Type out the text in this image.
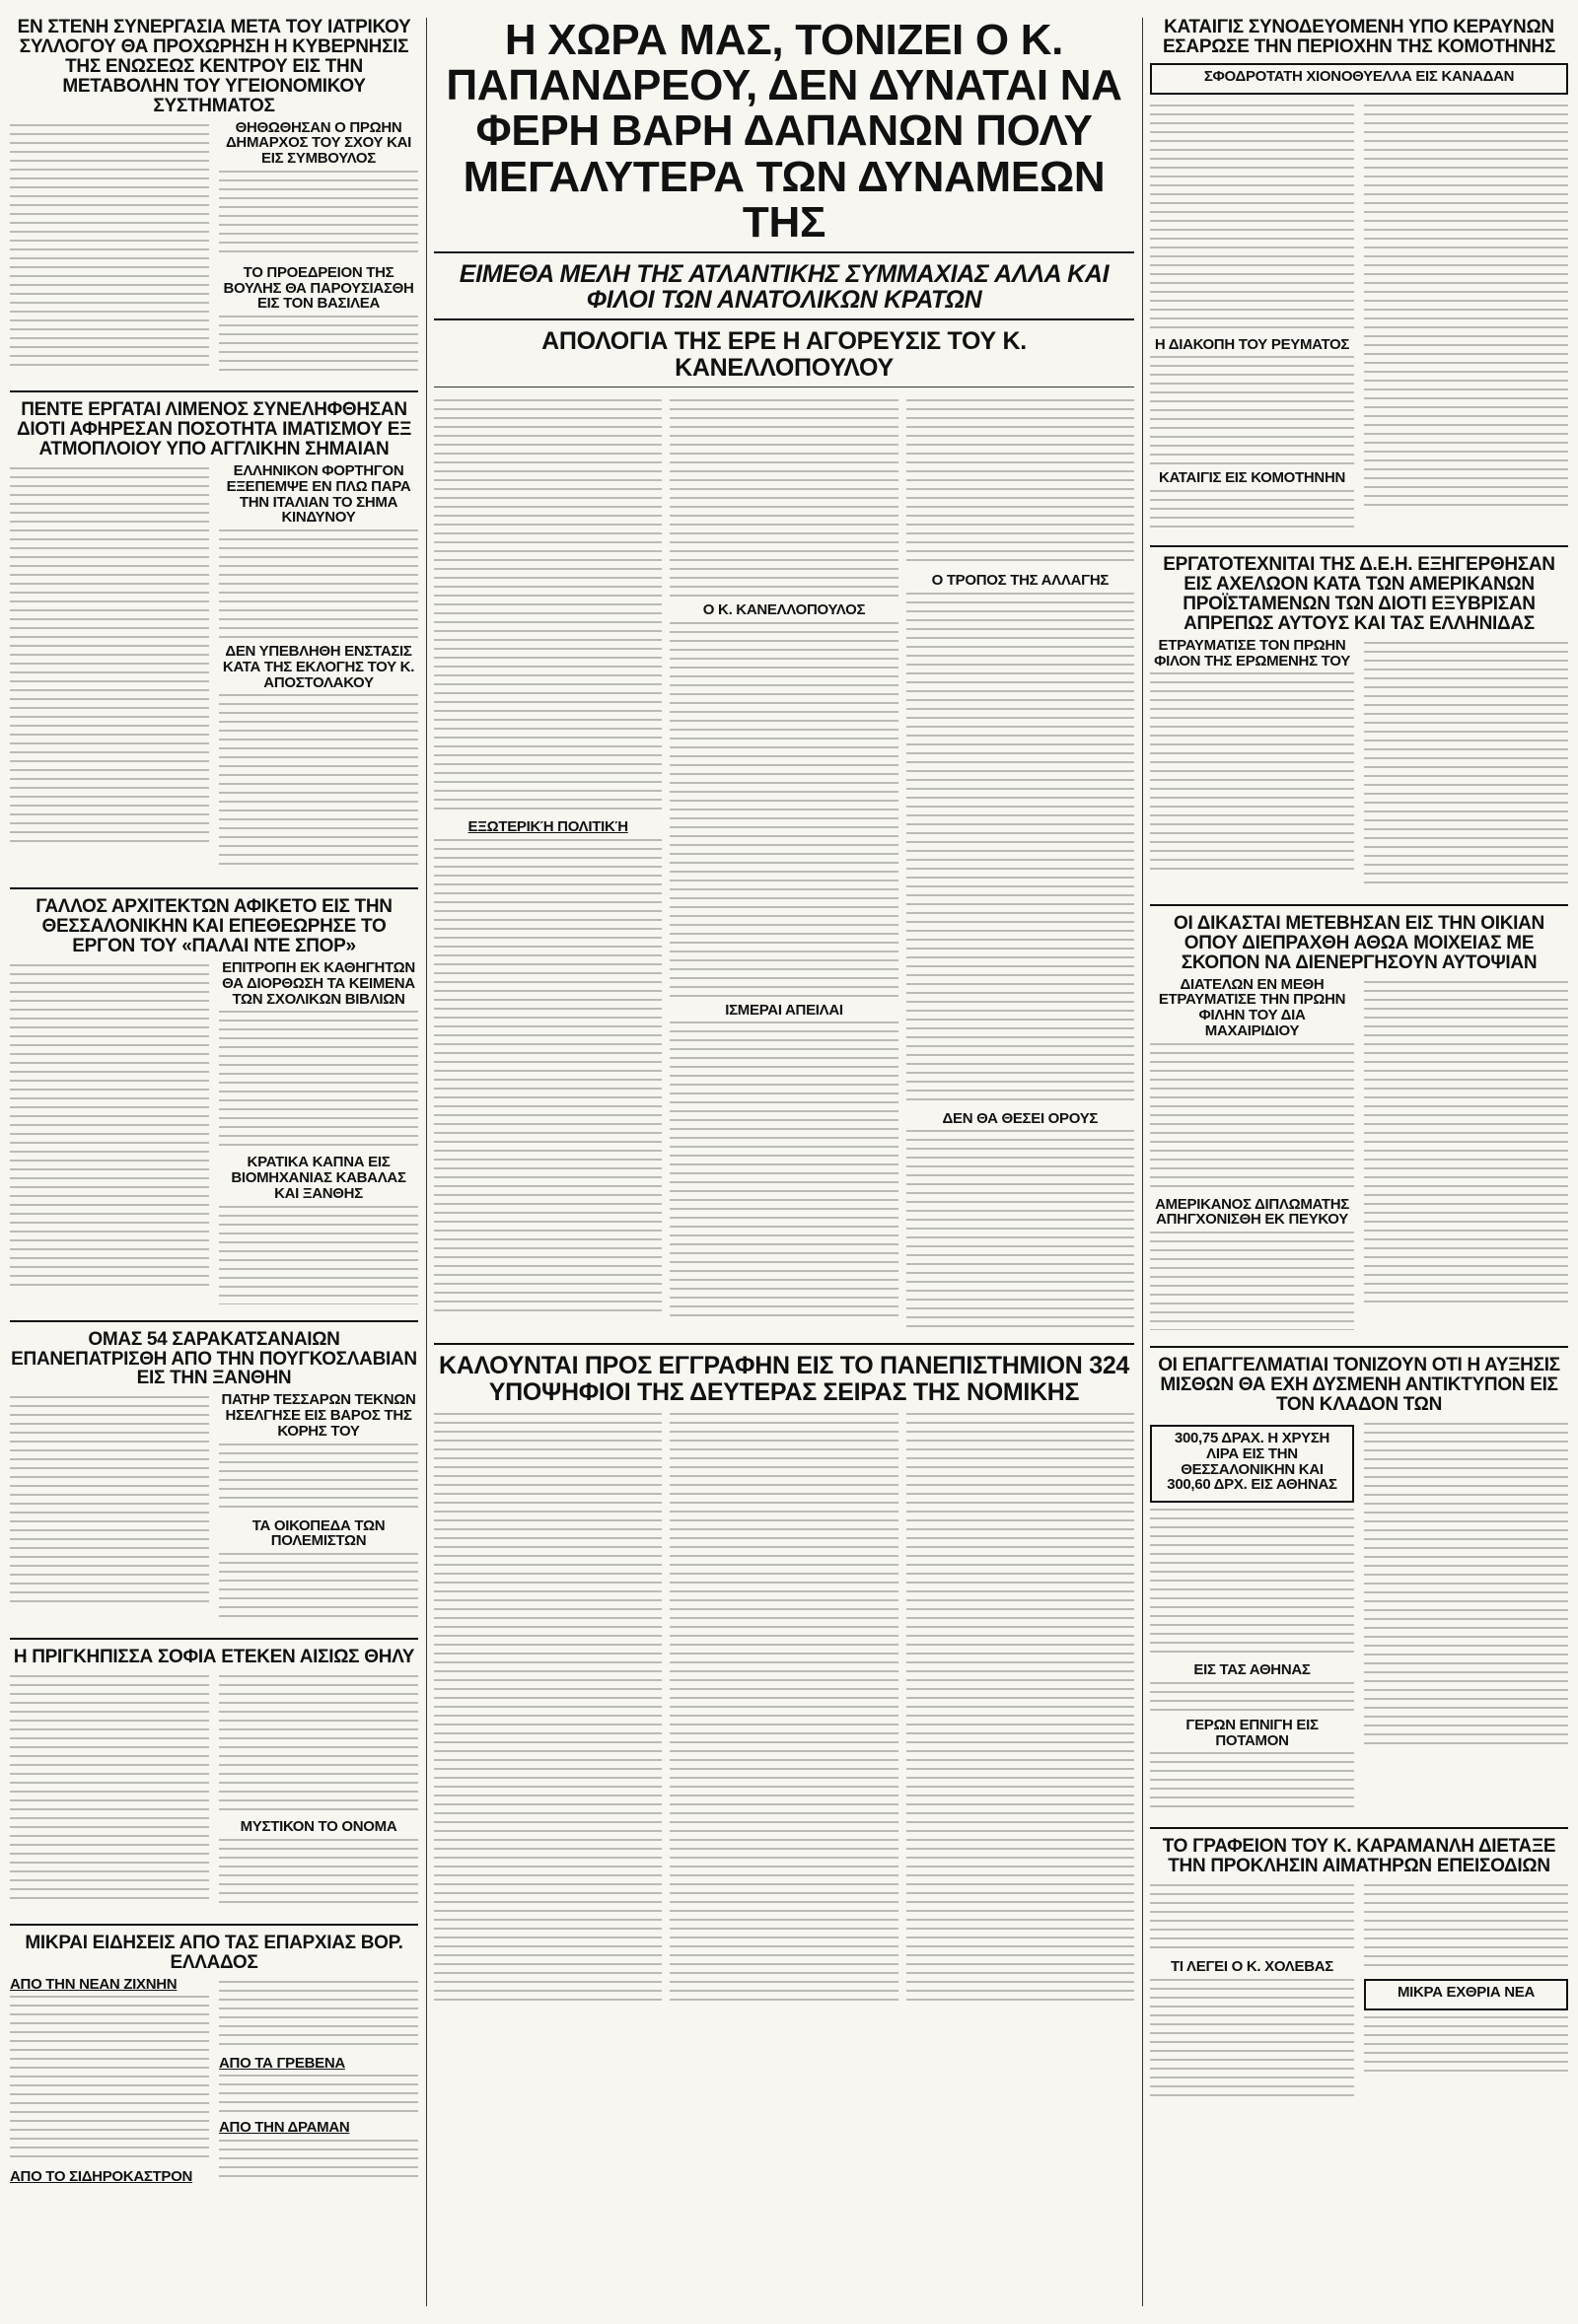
ΕΝ ΣΤΕΝΗ ΣΥΝΕΡΓΑΣΙΑ ΜΕΤΑ ΤΟΥ ΙΑΤΡΙΚΟΥ ΣΥΛΛΟΓΟΥ ΘΑ ΠΡΟΧΩΡΗΣΗ Η ΚΥΒΕΡΝΗΣΙΣ ΤΗΣ ΕΝΩΣΕΩΣ ΚΕΝΤΡΟΥ ΕΙΣ ΤΗΝ ΜΕΤΑΒΟΛΗΝ ΤΟΥ ΥΓΕΙΟΝΟΜΙΚΟΥ ΣΥΣΤΗΜΑΤΟΣ
ΘΗΘΩΘΗΣΑΝ Ο ΠΡΩΗΝ ΔΗΜΑΡΧΟΣ ΤΟΥ ΣΧΟΥ ΚΑΙ ΕΙΣ ΣΥΜΒΟΥΛΟΣ
ΤΟ ΠΡΟΕΔΡΕΙΟΝ ΤΗΣ ΒΟΥΛΗΣ ΘΑ ΠΑΡΟΥΣΙΑΣΘΗ ΕΙΣ ΤΟΝ ΒΑΣΙΛΕΑ
ΠΕΝΤΕ ΕΡΓΑΤΑΙ ΛΙΜΕΝΟΣ ΣΥΝΕΛΗΦΘΗΣΑΝ ΔΙΟΤΙ ΑΦΗΡΕΣΑΝ ΠΟΣΟΤΗΤΑ ΙΜΑΤΙΣΜΟΥ ΕΞ ΑΤΜΟΠΛΟΙΟΥ ΥΠΟ ΑΓΓΛΙΚΗΝ ΣΗΜΑΙΑΝ
ΕΛΛΗΝΙΚΟΝ ΦΟΡΤΗΓΟΝ ΕΞΕΠΕΜΨΕ ΕΝ ΠΛΩ ΠΑΡΑ ΤΗΝ ΙΤΑΛΙΑΝ ΤΟ ΣΗΜΑ ΚΙΝΔΥΝΟΥ
ΔΕΝ ΥΠΕΒΛΗΘΗ ΕΝΣΤΑΣΙΣ ΚΑΤΑ ΤΗΣ ΕΚΛΟΓΗΣ ΤΟΥ Κ. ΑΠΟΣΤΟΛΑΚΟΥ
ΓΑΛΛΟΣ ΑΡΧΙΤΕΚΤΩΝ ΑΦΙΚΕΤΟ ΕΙΣ ΤΗΝ ΘΕΣΣΑΛΟΝΙΚΗΝ ΚΑΙ ΕΠΕΘΕΩΡΗΣΕ ΤΟ ΕΡΓΟΝ ΤΟΥ «ΠΑΛΑΙ ΝΤΕ ΣΠΟΡ»
ΕΠΙΤΡΟΠΗ ΕΚ ΚΑΘΗΓΗΤΩΝ ΘΑ ΔΙΟΡΘΩΣΗ ΤΑ ΚΕΙΜΕΝΑ ΤΩΝ ΣΧΟΛΙΚΩΝ ΒΙΒΛΙΩΝ
ΚΡΑΤΙΚΑ ΚΑΠΝΑ ΕΙΣ ΒΙΟΜΗΧΑΝΙΑΣ ΚΑΒΑΛΑΣ ΚΑΙ ΞΑΝΘΗΣ
ΟΜΑΣ 54 ΣΑΡΑΚΑΤΣΑΝΑΙΩΝ ΕΠΑΝΕΠΑΤΡΙΣΘΗ ΑΠΟ ΤΗΝ ΠΟΥΓΚΟΣΛΑΒΙΑΝ ΕΙΣ ΤΗΝ ΞΑΝΘΗΝ
ΠΑΤΗΡ ΤΕΣΣΑΡΩΝ ΤΕΚΝΩΝ ΗΣΕΛΓΗΣΕ ΕΙΣ ΒΑΡΟΣ ΤΗΣ ΚΟΡΗΣ ΤΟΥ
ΤΑ ΟΙΚΟΠΕΔΑ ΤΩΝ ΠΟΛΕΜΙΣΤΩΝ
Η ΠΡΙΓΚΗΠΙΣΣΑ ΣΟΦΙΑ ΕΤΕΚΕΝ ΑΙΣΙΩΣ ΘΗΛΥ
ΜΥΣΤΙΚΟΝ ΤΟ ΟΝΟΜΑ
ΜΙΚΡΑΙ ΕΙΔΗΣΕΙΣ ΑΠΟ ΤΑΣ ΕΠΑΡΧΙΑΣ ΒΟΡ. ΕΛΛΑΔΟΣ
ΑΠΟ ΤΗΝ ΝΕΑΝ ΖΙΧΝΗΝ
ΑΠΟ ΤΟ ΣΙΔΗΡΟΚΑΣΤΡΟΝ
ΑΠΟ ΤΑ ΓΡΕΒΕΝΑ
ΑΠΟ ΤΗΝ ΔΡΑΜΑΝ
Η ΧΩΡΑ ΜΑΣ, ΤΟΝΙΖΕΙ Ο Κ. ΠΑΠΑΝΔΡΕΟΥ, ΔΕΝ ΔΥΝΑΤΑΙ ΝΑ ΦΕΡΗ ΒΑΡΗ ΔΑΠΑΝΩΝ ΠΟΛΥ ΜΕΓΑΛΥΤΕΡΑ ΤΩΝ ΔΥΝΑΜΕΩΝ ΤΗΣ
ΕΙΜΕΘΑ ΜΕΛΗ ΤΗΣ ΑΤΛΑΝΤΙΚΗΣ ΣΥΜΜΑΧΙΑΣ ΑΛΛΑ ΚΑΙ ΦΙΛΟΙ ΤΩΝ ΑΝΑΤΟΛΙΚΩΝ ΚΡΑΤΩΝ
ΑΠΟΛΟΓΙΑ ΤΗΣ ΕΡΕ Η ΑΓΟΡΕΥΣΙΣ ΤΟΥ Κ. ΚΑΝΕΛΛΟΠΟΥΛΟΥ
ΕΞΩΤΕΡΙΚΉ ΠΟΛΙΤΙΚΉ
Ο Κ. ΚΑΝΕΛΛΟΠΟΥΛΟΣ
ΙΣΜΕΡΑΙ ΑΠΕΙΛΑΙ
Ο ΤΡΟΠΟΣ ΤΗΣ ΑΛΛΑΓΗΣ
ΔΕΝ ΘΑ ΘΕΣΕΙ ΟΡΟΥΣ
ΚΑΛΟΥΝΤΑΙ ΠΡΟΣ ΕΓΓΡΑΦΗΝ ΕΙΣ ΤΟ ΠΑΝΕΠΙΣΤΗΜΙΟΝ 324 ΥΠΟΨΗΦΙΟΙ ΤΗΣ ΔΕΥΤΕΡΑΣ ΣΕΙΡΑΣ ΤΗΣ ΝΟΜΙΚΗΣ
ΚΑΤΑΙΓΙΣ ΣΥΝΟΔΕΥΟΜΕΝΗ ΥΠΟ ΚΕΡΑΥΝΩΝ ΕΣΑΡΩΣΕ ΤΗΝ ΠΕΡΙΟΧΗΝ ΤΗΣ ΚΟΜΟΤΗΝΗΣ
ΣΦΟΔΡΟΤΑΤΗ ΧΙΟΝΟΘΥΕΛΛΑ ΕΙΣ ΚΑΝΑΔΑΝ
Η ΔΙΑΚΟΠΗ ΤΟΥ ΡΕΥΜΑΤΟΣ
ΚΑΤΑΙΓΙΣ ΕΙΣ ΚΟΜΟΤΗΝΗΝ
ΕΡΓΑΤΟΤΕΧΝΙΤΑΙ ΤΗΣ Δ.Ε.Η. ΕΞΗΓΕΡΘΗΣΑΝ ΕΙΣ ΑΧΕΛΩΟΝ ΚΑΤΑ ΤΩΝ ΑΜΕΡΙΚΑΝΩΝ ΠΡΟΪΣΤΑΜΕΝΩΝ ΤΩΝ ΔΙΟΤΙ ΕΞΥΒΡΙΣΑΝ ΑΠΡΕΠΩΣ ΑΥΤΟΥΣ ΚΑΙ ΤΑΣ ΕΛΛΗΝΙΔΑΣ
ΕΤΡΑΥΜΑΤΙΣΕ ΤΟΝ ΠΡΩΗΝ ΦΙΛΟΝ ΤΗΣ ΕΡΩΜΕΝΗΣ ΤΟΥ
ΟΙ ΔΙΚΑΣΤΑΙ ΜΕΤΕΒΗΣΑΝ ΕΙΣ ΤΗΝ ΟΙΚΙΑΝ ΟΠΟΥ ΔΙΕΠΡΑΧΘΗ ΑΘΩΑ ΜΟΙΧΕΙΑΣ ΜΕ ΣΚΟΠΟΝ ΝΑ ΔΙΕΝΕΡΓΗΣΟΥΝ ΑΥΤΟΨΙΑΝ
ΔΙΑΤΕΛΩΝ ΕΝ ΜΕΘΗ ΕΤΡΑΥΜΑΤΙΣΕ ΤΗΝ ΠΡΩΗΝ ΦΙΛΗΝ ΤΟΥ ΔΙΑ ΜΑΧΑΙΡΙΔΙΟΥ
ΑΜΕΡΙΚΑΝΟΣ ΔΙΠΛΩΜΑΤΗΣ ΑΠΗΓΧΟΝΙΣΘΗ ΕΚ ΠΕΥΚΟΥ
ΟΙ ΕΠΑΓΓΕΛΜΑΤΙΑΙ ΤΟΝΙΖΟΥΝ ΟΤΙ Η ΑΥΞΗΣΙΣ ΜΙΣΘΩΝ ΘΑ ΕΧΗ ΔΥΣΜΕΝΗ ΑΝΤΙΚΤΥΠΟΝ ΕΙΣ ΤΟΝ ΚΛΑΔΟΝ ΤΩΝ
300,75 ΔΡΑΧ. Η ΧΡΥΣΗ ΛΙΡΑ ΕΙΣ ΤΗΝ ΘΕΣΣΑΛΟΝΙΚΗΝ ΚΑΙ 300,60 ΔΡΧ. ΕΙΣ ΑΘΗΝΑΣ
ΕΙΣ ΤΑΣ ΑΘΗΝΑΣ
ΓΕΡΩΝ ΕΠΝΙΓΗ ΕΙΣ ΠΟΤΑΜΟΝ
ΤΟ ΓΡΑΦΕΙΟΝ ΤΟΥ Κ. ΚΑΡΑΜΑΝΛΗ ΔΙΕΤΑΞΕ ΤΗΝ ΠΡΟΚΛΗΣΙΝ ΑΙΜΑΤΗΡΩΝ ΕΠΕΙΣΟΔΙΩΝ
ΤΙ ΛΕΓΕΙ Ο Κ. ΧΟΛΕΒΑΣ
ΜΙΚΡΑ ΕΧΘΡΙΑ ΝΕΑ
